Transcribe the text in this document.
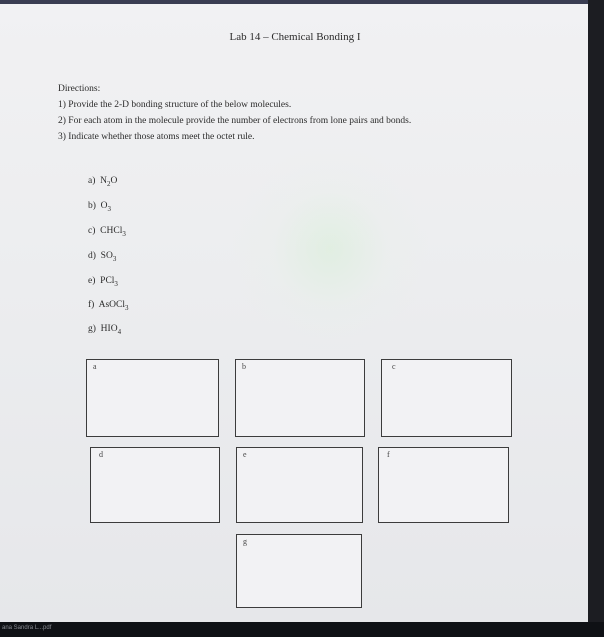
Lab 14 – Chemical Bonding I
Directions:
1) Provide the 2-D bonding structure of the below molecules.
2) For each atom in the molecule provide the number of electrons from lone pairs and bonds.
3) Indicate whether those atoms meet the octet rule.
a) $N_2O$
b) $O_3$
c) CHCl$_3$
d) $SO_3$
e) PCl$_3$
f) AsOCl$_3$
g) $HIO_4$
a	b	c
d	e	f
g
ana Sandra L...pdf
